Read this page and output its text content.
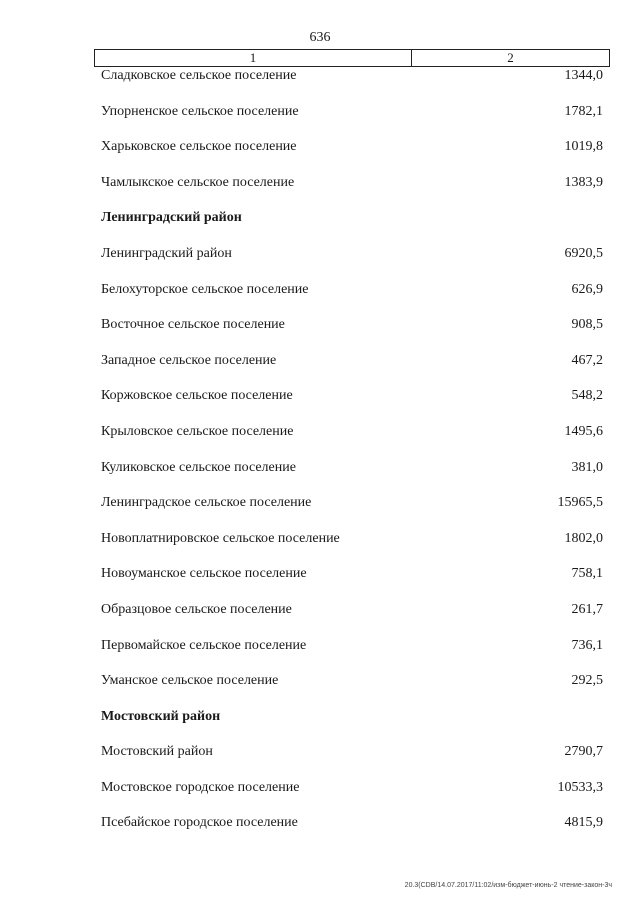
636
1	2
Сладковское сельское поселение	1344,0
Упорненское сельское поселение	1782,1
Харьковское сельское поселение	1019,8
Чамлыкское сельское поселение	1383,9
Ленинградский район
Ленинградский район	6920,5
Белохуторское сельское поселение	626,9
Восточное сельское поселение	908,5
Западное сельское поселение	467,2
Коржовское сельское поселение	548,2
Крыловское сельское поселение	1495,6
Куликовское сельское поселение	381,0
Ленинградское сельское поселение	15965,5
Новоплатнировское сельское поселение	1802,0
Новоуманское сельское поселение	758,1
Образцовое сельское поселение	261,7
Первомайское сельское поселение	736,1
Уманское сельское поселение	292,5
Мостовский район
Мостовский район	2790,7
Мостовское городское поселение	10533,3
Псебайское городское поселение	4815,9
20.3(СDB/14.07.2017/11:02/изм-бюджет-июнь-2 чтение-закон-3ч
